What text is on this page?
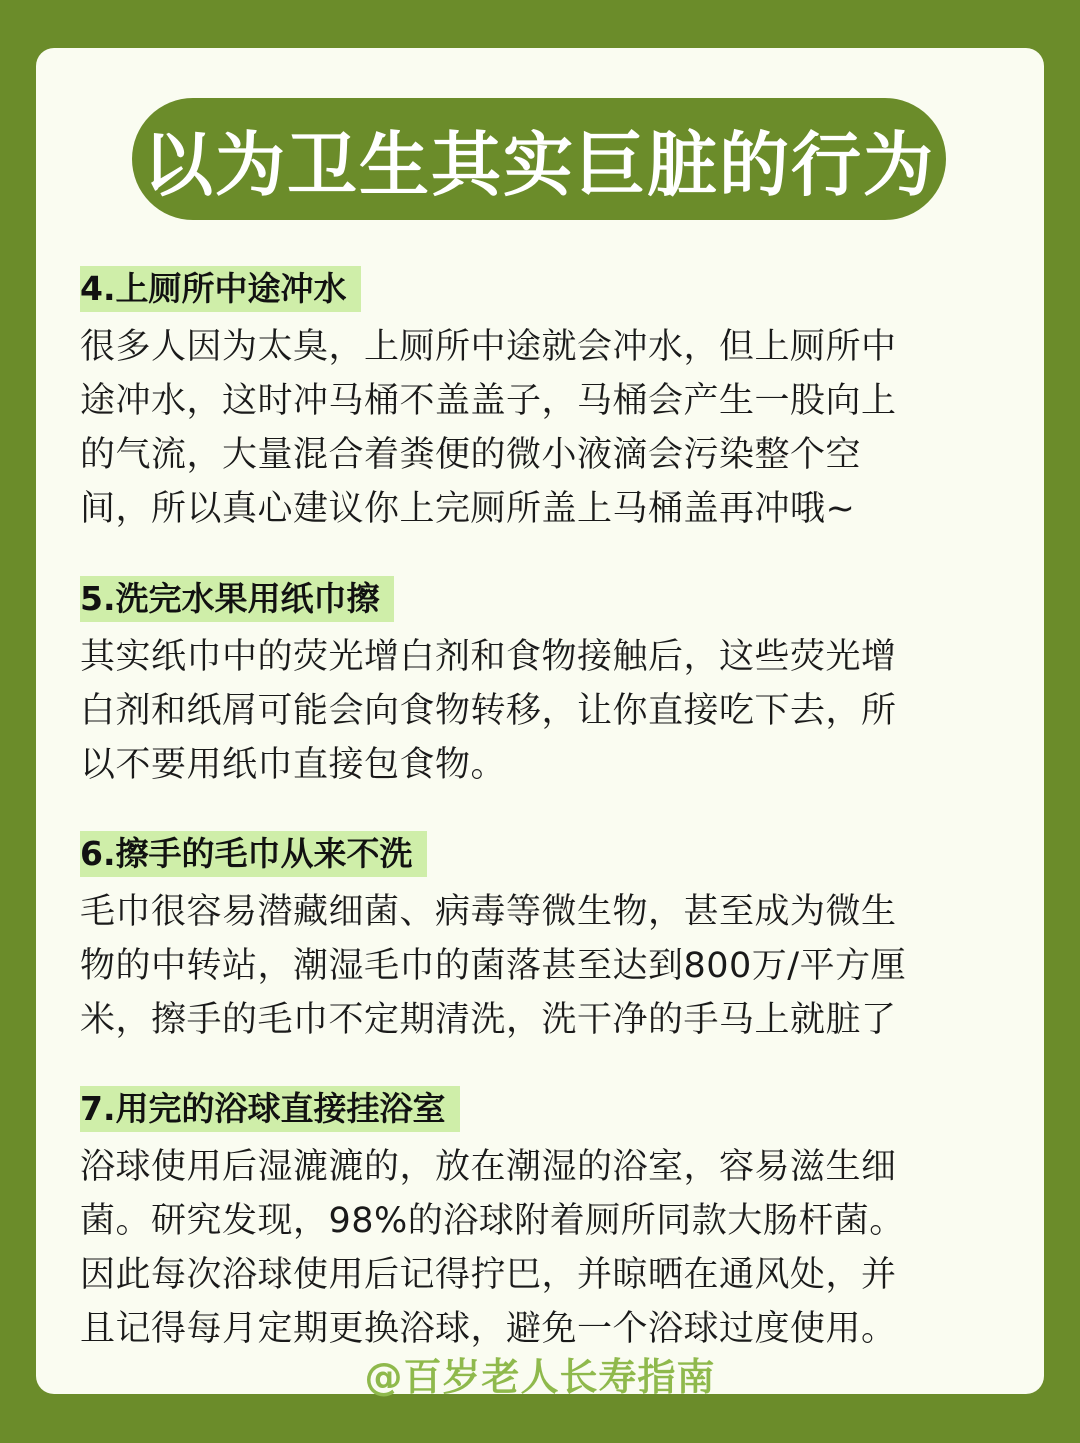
以为卫生其实巨脏的行为
4.上厕所中途冲水

很多人因为太臭，上厕所中途就会冲水，但上厕所中
途冲水，这时冲马桶不盖盖子，马桶会产生一股向上
的气流，大量混合着粪便的微小液滴会污染整个空
间，所以真心建议你上完厕所盖上马桶盖再冲哦~

5.洗完水果用纸巾擦

其实纸巾中的荧光增白剂和食物接触后，这些荧光增
白剂和纸屑可能会向食物转移，让你直接吃下去，所
以不要用纸巾直接包食物。

6.擦手的毛巾从来不洗

毛巾很容易潜藏细菌、病毒等微生物，甚至成为微生
物的中转站，潮湿毛巾的菌落甚至达到800万/平方厘
米，擦手的毛巾不定期清洗，洗干净的手马上就脏了

7.用完的浴球直接挂浴室

浴球使用后湿漉漉的，放在潮湿的浴室，容易滋生细
菌。研究发现，98%的浴球附着厕所同款大肠杆菌。
因此每次浴球使用后记得拧巴，并晾晒在通风处，并
且记得每月定期更换浴球，避免一个浴球过度使用。

@百岁老人长寿指南
